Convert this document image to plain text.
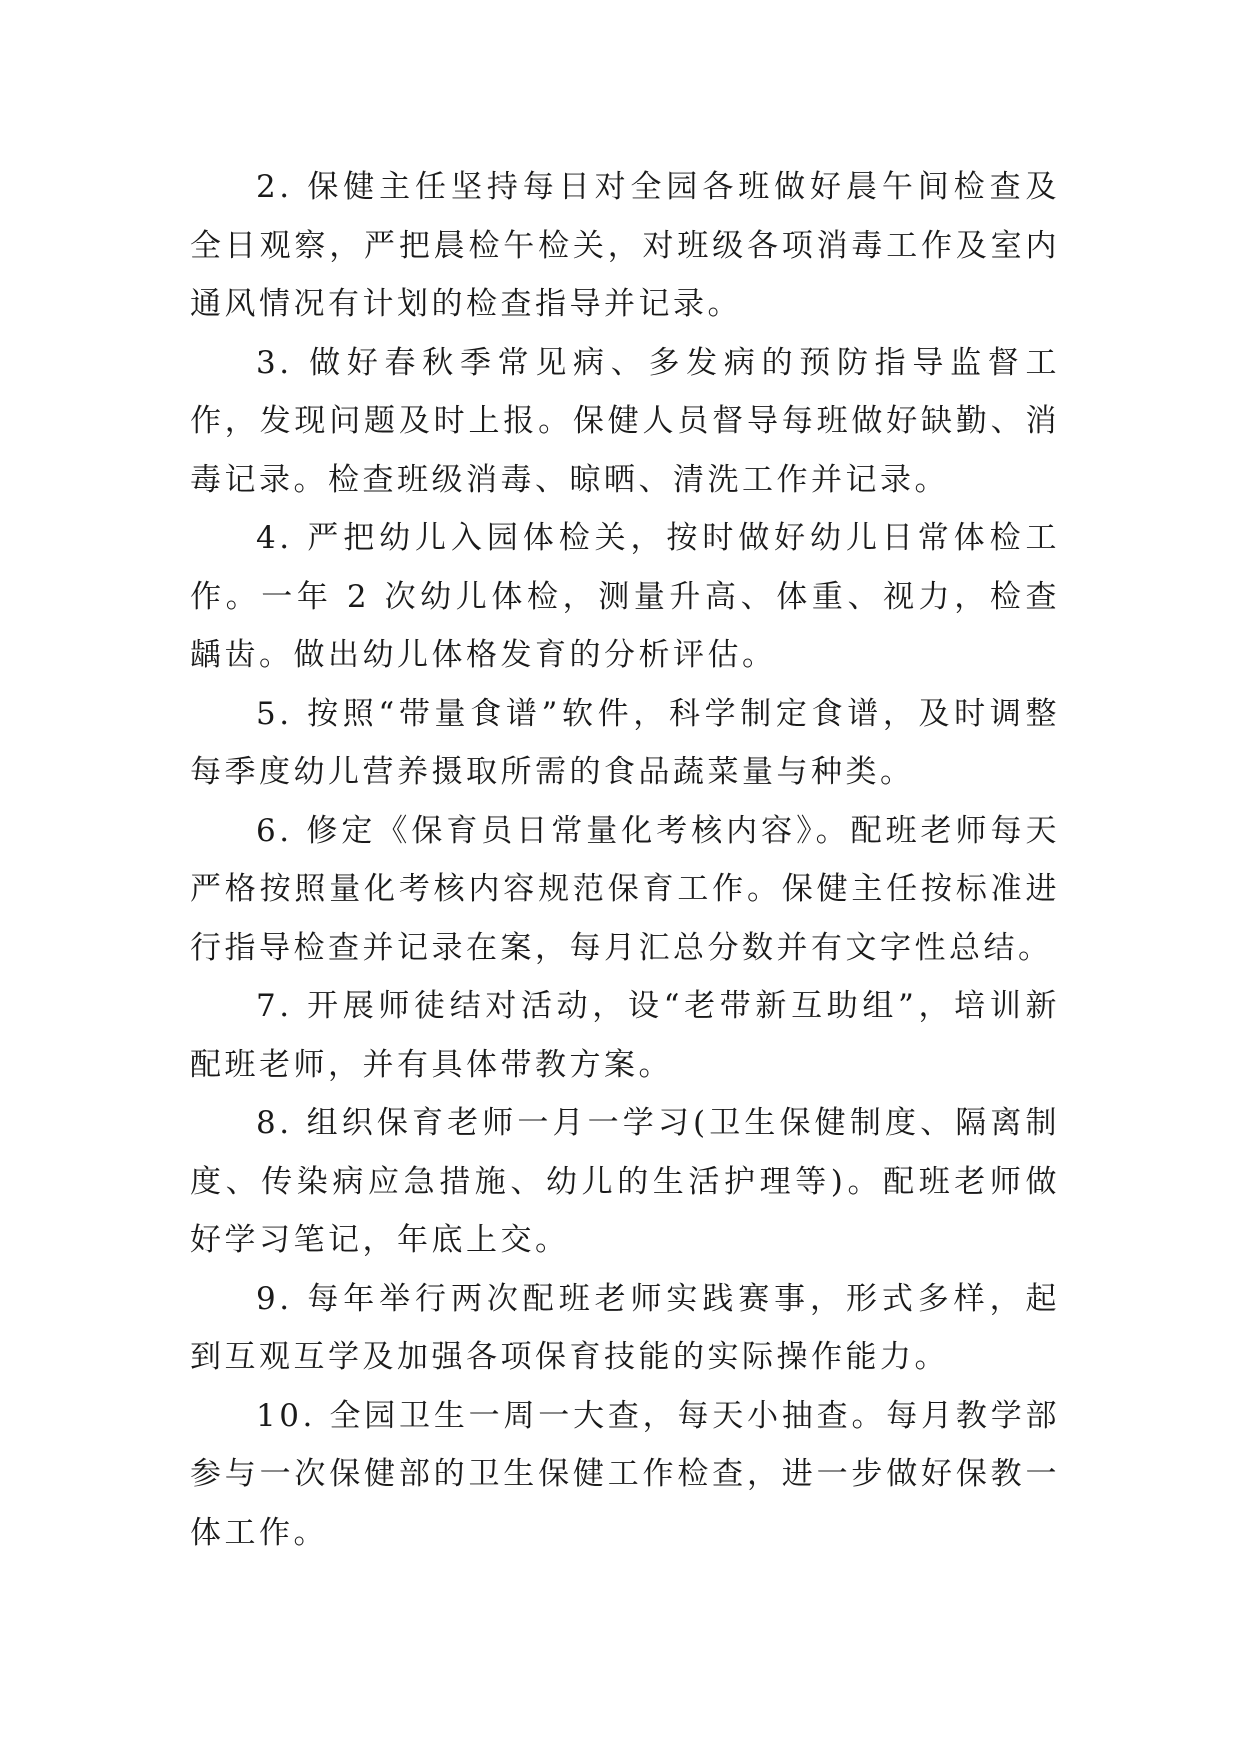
2. 保健主任坚持每日对全园各班做好晨午间检查及全日观察，严把晨检午检关，对班级各项消毒工作及室内通风情况有计划的检查指导并记录。

3. 做好春秋季常见病、多发病的预防指导监督工作，发现问题及时上报。保健人员督导每班做好缺勤、消毒记录。检查班级消毒、晾晒、清洗工作并记录。

4. 严把幼儿入园体检关，按时做好幼儿日常体检工作。一年 2 次幼儿体检，测量升高、体重、视力，检查龋齿。做出幼儿体格发育的分析评估。

5. 按照“带量食谱”软件，科学制定食谱，及时调整每季度幼儿营养摄取所需的食品蔬菜量与种类。

6. 修定《保育员日常量化考核内容》。配班老师每天严格按照量化考核内容规范保育工作。保健主任按标准进行指导检查并记录在案，每月汇总分数并有文字性总结。

7. 开展师徒结对活动，设“老带新互助组”，培训新配班老师，并有具体带教方案。

8. 组织保育老师一月一学习(卫生保健制度、隔离制度、传染病应急措施、幼儿的生活护理等)。配班老师做好学习笔记，年底上交。

9. 每年举行两次配班老师实践赛事，形式多样，起到互观互学及加强各项保育技能的实际操作能力。

10. 全园卫生一周一大查，每天小抽查。每月教学部参与一次保健部的卫生保健工作检查，进一步做好保教一体工作。
